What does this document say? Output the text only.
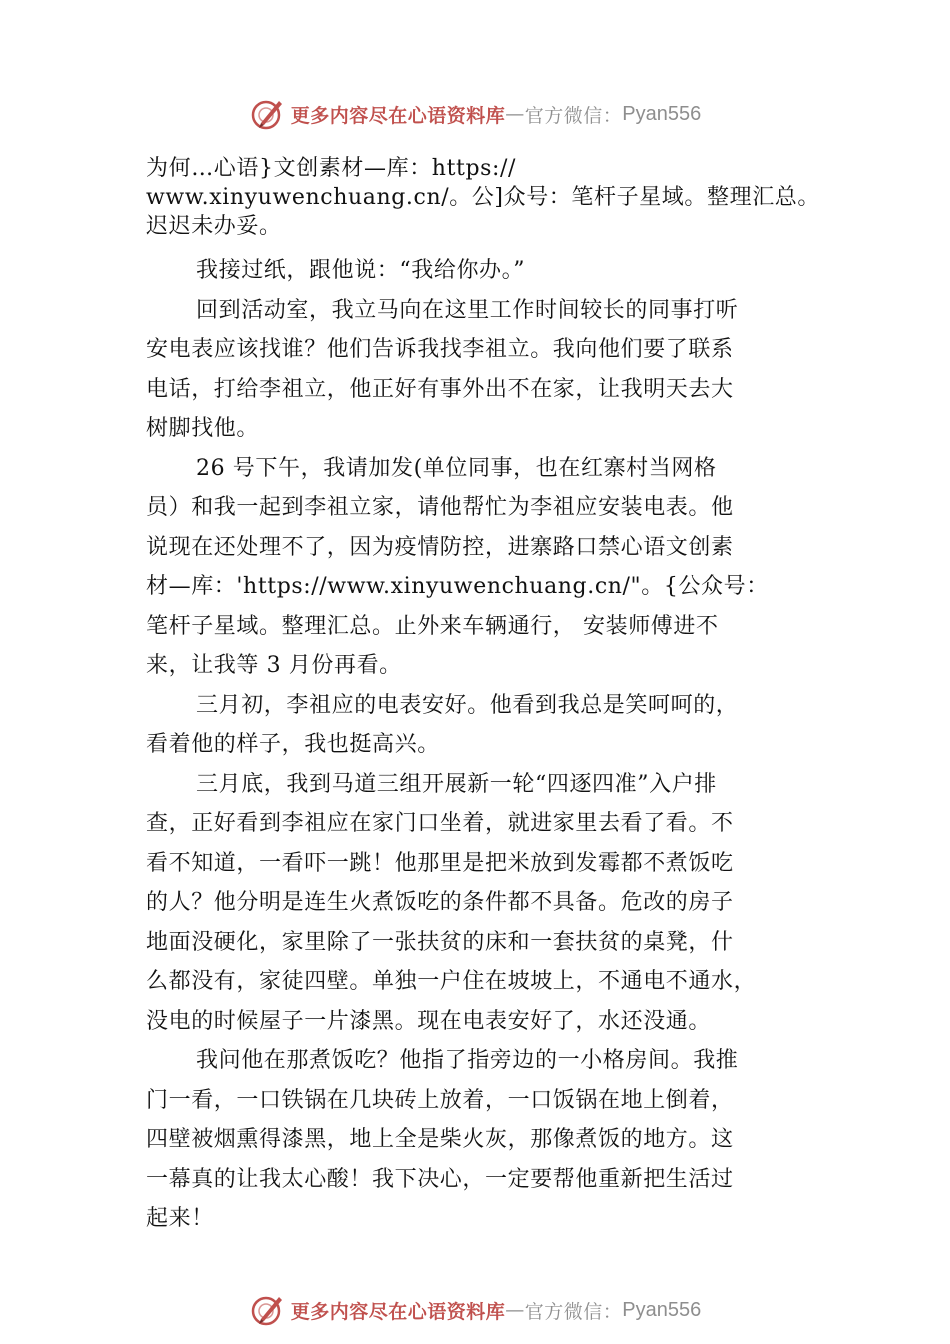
更多内容尽在心语资料库 — 官方微信： Pyan556
为何…心语}文创素材—库：https://
www.xinyuwenchuang.cn/。公]众号：笔杆子星域。整理汇总。
迟迟未办妥。
我接过纸，跟他说：“我给你办。”
回到活动室，我立马向在这里工作时间较长的同事打听
安电表应该找谁？他们告诉我找李祖立。我向他们要了联系
电话，打给李祖立，他正好有事外出不在家，让我明天去大
树脚找他。
26 号下午，我请加发(单位同事，也在红寨村当网格
员）和我一起到李祖立家，请他帮忙为李祖应安装电表。他
说现在还处理不了，因为疫情防控，进寨路口禁心语文创素
材—库：'https://www.xinyuwenchuang.cn/"。{公众号：
笔杆子星域。整理汇总。止外来车辆通行， 安装师傅进不
来，让我等 3 月份再看。
三月初，李祖应的电表安好。他看到我总是笑呵呵的，
看着他的样子，我也挺高兴。
三月底，我到马道三组开展新一轮“四逐四准”入户排
查，正好看到李祖应在家门口坐着，就进家里去看了看。不
看不知道，一看吓一跳！他那里是把米放到发霉都不煮饭吃
的人？他分明是连生火煮饭吃的条件都不具备。危改的房子
地面没硬化，家里除了一张扶贫的床和一套扶贫的桌凳，什
么都没有，家徒四壁。单独一户住在坡坡上，不通电不通水，
没电的时候屋子一片漆黑。现在电表安好了，水还没通。
我问他在那煮饭吃？他指了指旁边的一小格房间。我推
门一看，一口铁锅在几块砖上放着，一口饭锅在地上倒着，
四壁被烟熏得漆黑，地上全是柴火灰，那像煮饭的地方。这
一幕真的让我太心酸！我下决心，一定要帮他重新把生活过
起来！
更多内容尽在心语资料库 — 官方微信： Pyan556
